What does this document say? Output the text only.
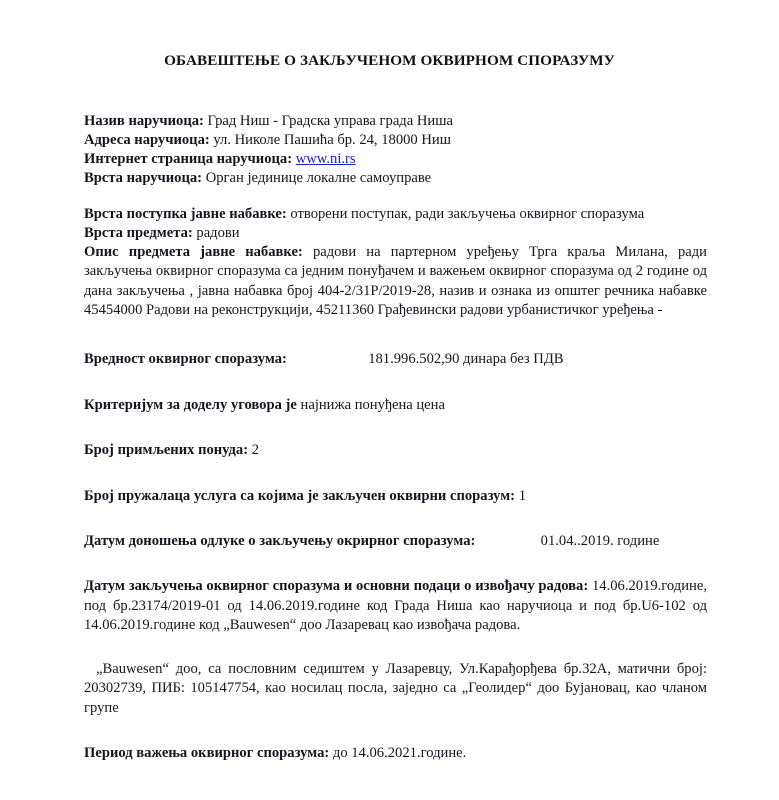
ОБАВЕШТЕЊЕ О ЗАКЉУЧЕНОМ ОКВИРНОМ СПОРАЗУМУ

Назив наручиоца: Град Ниш - Градска управа града Ниша

Адреса наручиоца: ул. Николе Пашића бр. 24, 18000 Ниш

Интернет страница наручиоца: www.ni.rs

Врста наручиоца: Орган јединице локалне самоуправе

Врста поступка јавне набавке: отворени поступак, ради закључења оквирног споразума

Врста предмета: радови

Опис предмета јавне набавке: радови на партерном уређењу Трга краља Милана, ради закључења оквирног споразума са једним понуђачем и важењем оквирног споразума од 2 године од дана закључења , јавна набавка број 404-2/31Р/2019-28, назив и ознака из општег речника набавке 45454000 Радови на реконструкцији, 45211360 Грађевински радови урбанистичког уређења -

Вредност оквирног споразума:	181.996.502,90 динара без ПДВ

Критеријум за доделу уговора је најнижа понуђена цена

Број примљених понуда: 2

Број пружалаца услуга са којима је закључен оквирни споразум: 1

Датум доношења одлуке о закључењу окрирног споразума:	01.04..2019. године

Датум закључења оквирног споразума и основни подаци о извођачу радова: 14.06.2019.године, под бр.23174/2019-01 од 14.06.2019.године код Града Ниша као наручиоца и под бр.U6-102 од 14.06.2019.године код „Bauwesen“ доо Лазаревац као извођача радова.

„Bauwesen“ доо, са пословним седиштем у Лазаревцу, Ул.Карађорђева бр.32А, матични број: 20302739, ПИБ: 105147754, као носилац посла, заједно са „Геолидер“ доо Бујановац, као чланом групе

Период важења оквирног споразума: до 14.06.2021.године.
